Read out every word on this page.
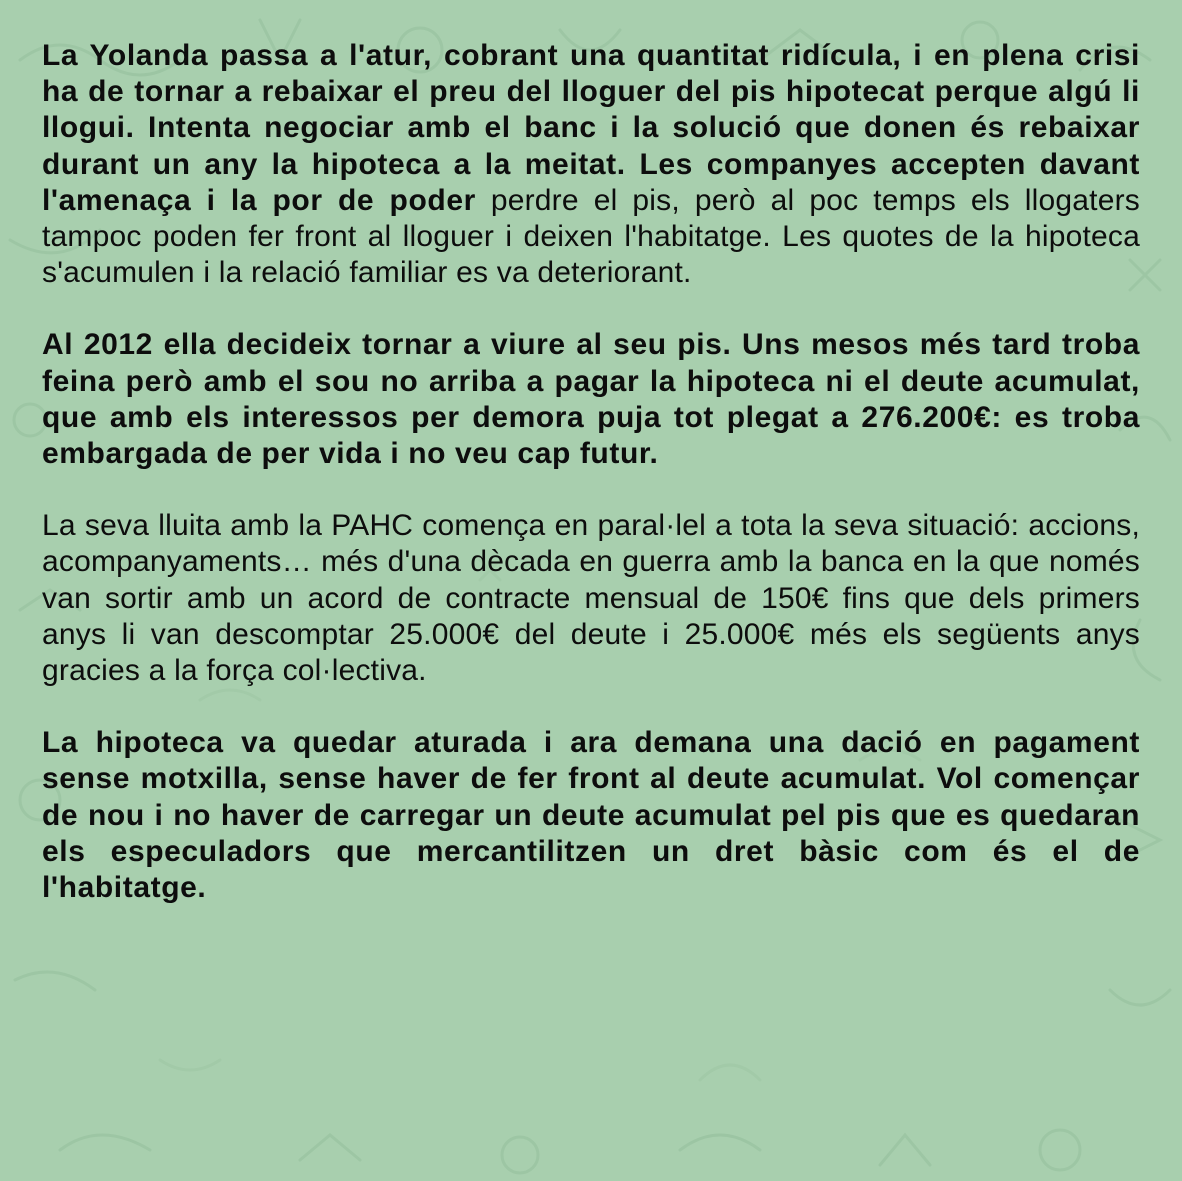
La Yolanda passa a l'atur, cobrant una quantitat ridícula, i en plena crisi ha de tornar a rebaixar el preu del lloguer del pis hipotecat perque algú li llogui. Intenta negociar amb el banc i la solució que donen és rebaixar durant un any la hipoteca a la meitat. Les companyes accepten davant l'amenaça i la por de poder perdre el pis, però al poc temps els llogaters tampoc poden fer front al lloguer i deixen l'habitatge. Les quotes de la hipoteca s'acumulen i la relació familiar es va deteriorant.

Al 2012 ella decideix tornar a viure al seu pis. Uns mesos més tard troba feina però amb el sou no arriba a pagar la hipoteca ni el deute acumulat, que amb els interessos per demora puja tot plegat a 276.200€: es troba embargada de per vida i no veu cap futur.

La seva lluita amb la PAHC comença en paral·lel a tota la seva situació: accions, acompanyaments… més d'una dècada en guerra amb la banca en la que només van sortir amb un acord de contracte mensual de 150€ fins que dels primers anys li van descomptar 25.000€ del deute i 25.000€ més els següents anys gracies a la força col·lectiva.

La hipoteca va quedar aturada i ara demana una dació en pagament sense motxilla, sense haver de fer front al deute acumulat. Vol començar de nou i no haver de carregar un deute acumulat pel pis que es quedaran els especuladors que mercantilitzen un dret bàsic com és el de l'habitatge.
